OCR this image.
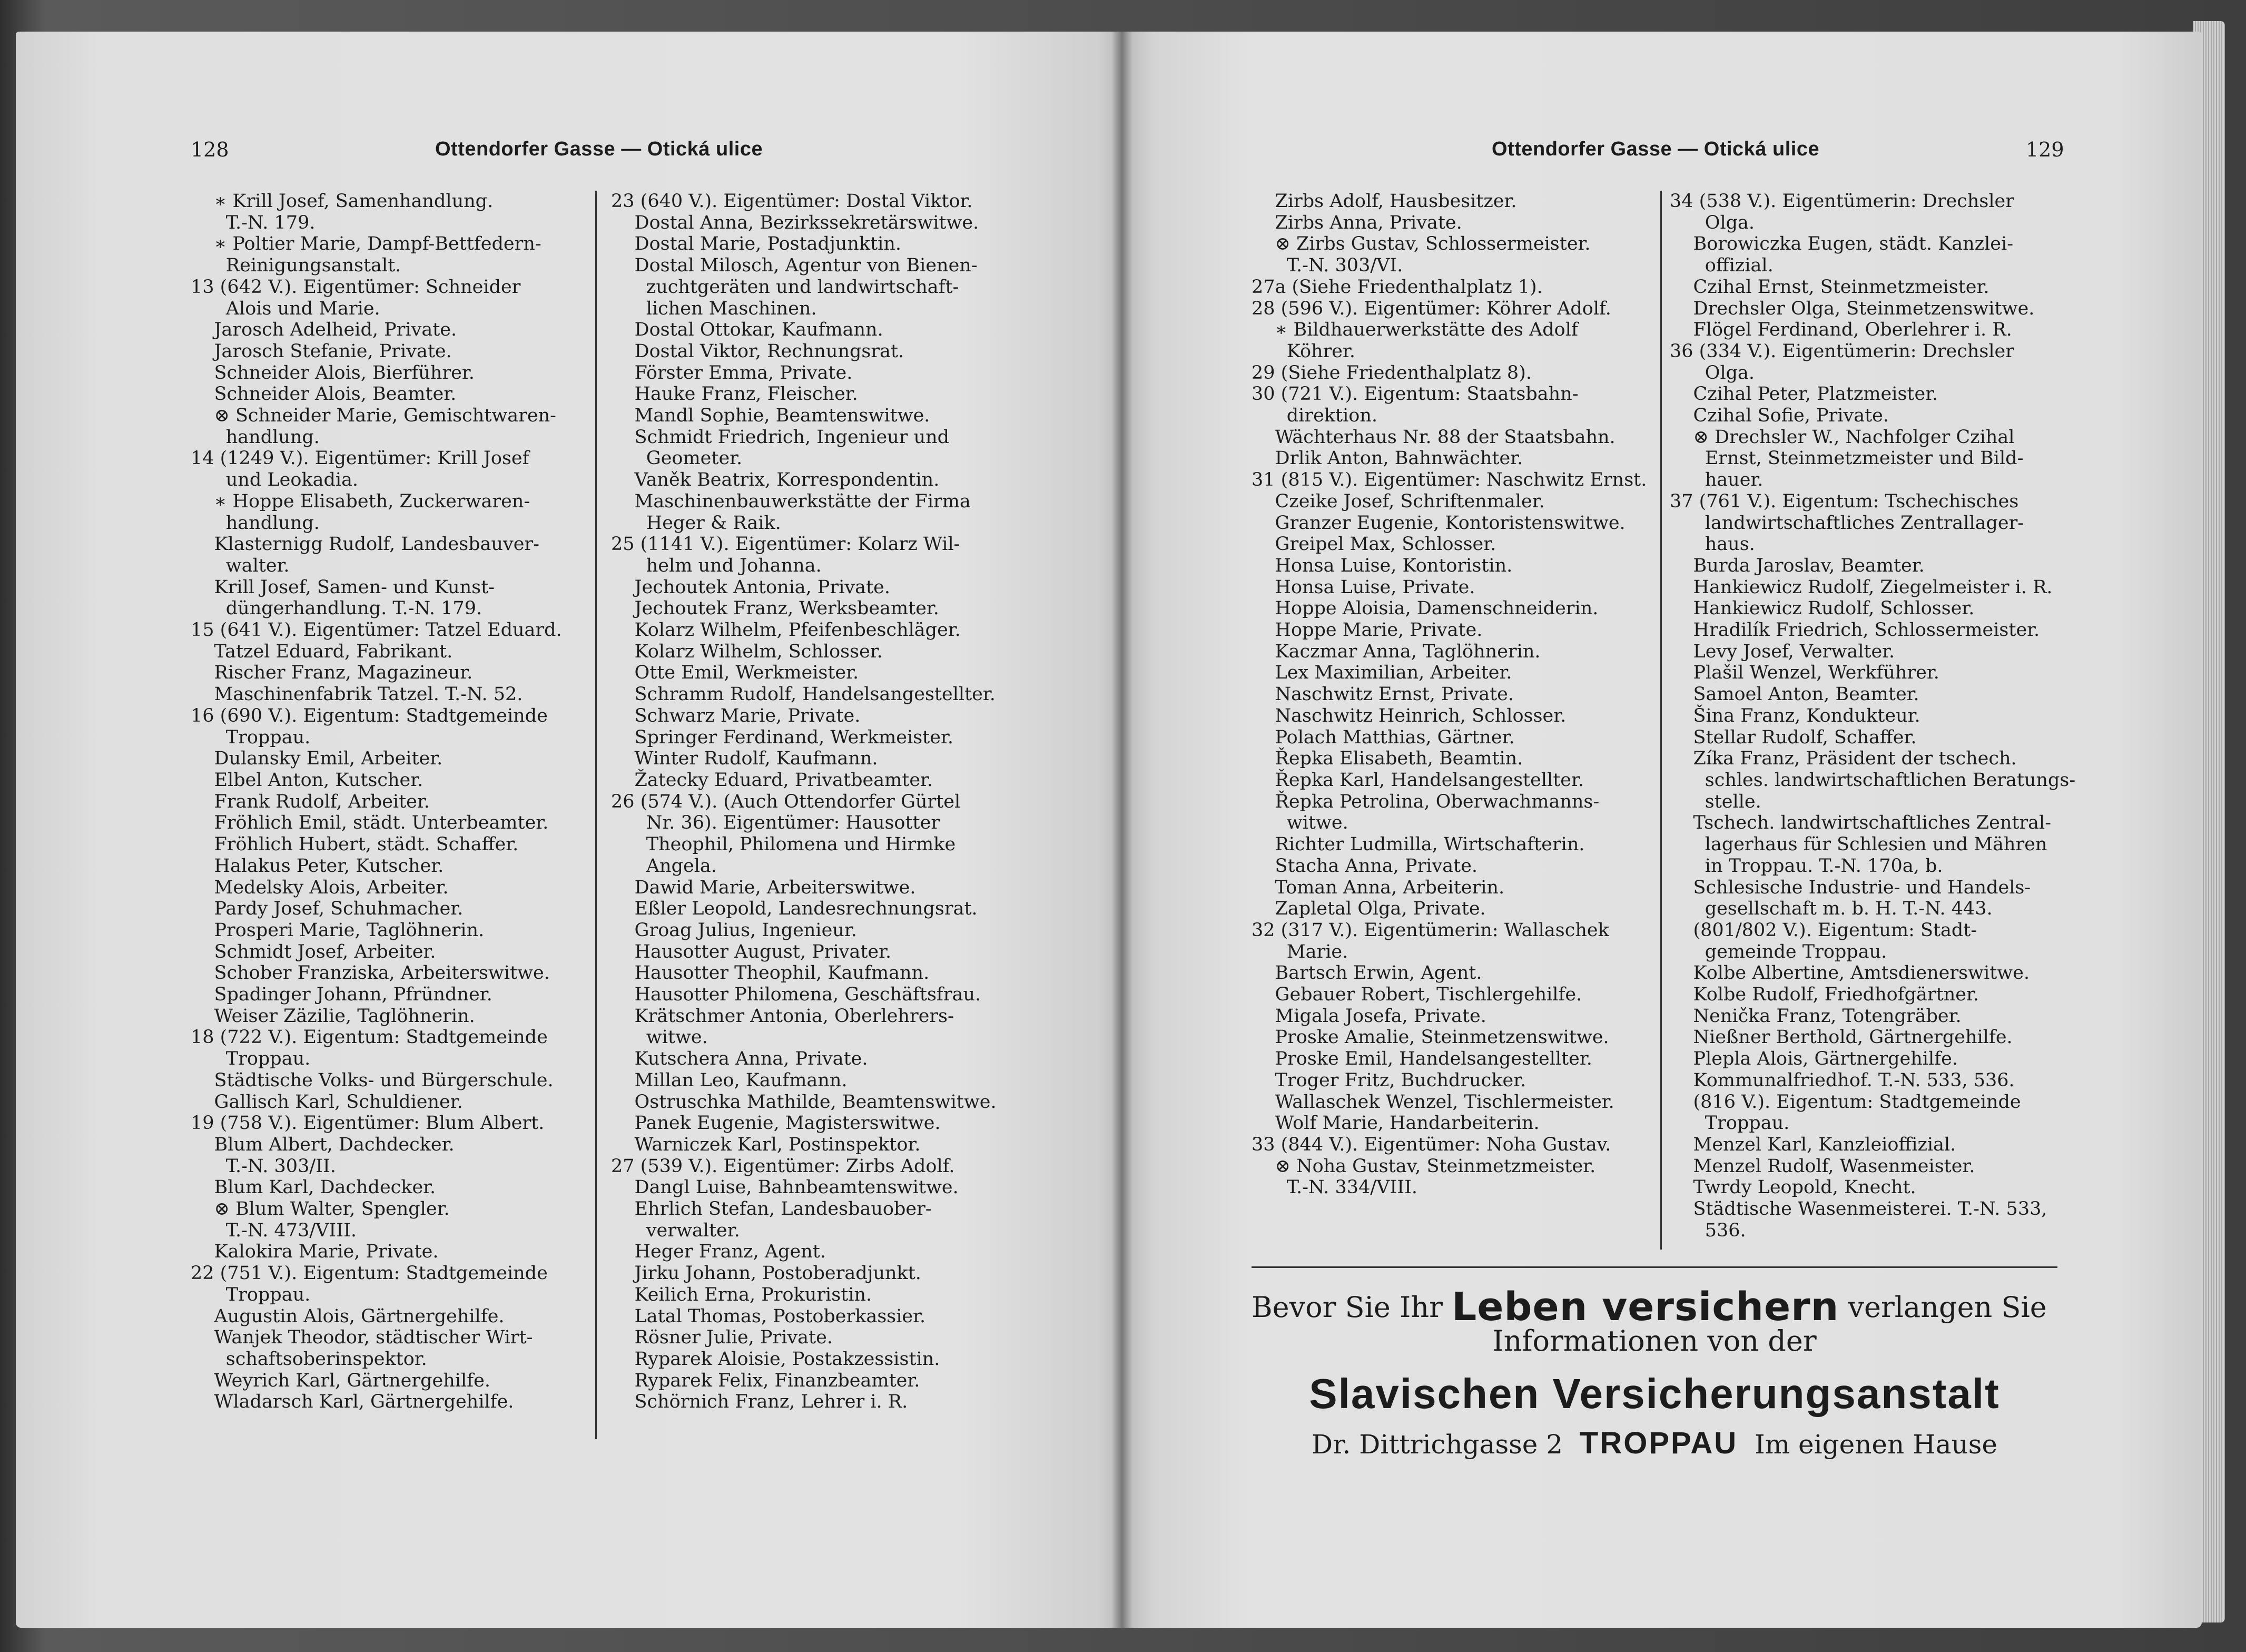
128	Ottendorfer Gasse — Otická ulice
∗ Krill Josef, Samenhandlung.
T.-N. 179.
∗ Poltier Marie, Dampf-Bettfedern-
Reinigungsanstalt.
13 (642 V.). Eigentümer: Schneider
Alois und Marie.
Jarosch Adelheid, Private.
Jarosch Stefanie, Private.
Schneider Alois, Bierführer.
Schneider Alois, Beamter.
⊗ Schneider Marie, Gemischtwaren-
handlung.
14 (1249 V.). Eigentümer: Krill Josef
und Leokadia.
∗ Hoppe Elisabeth, Zuckerwaren-
handlung.
Klasternigg Rudolf, Landesbauver-
walter.
Krill Josef, Samen- und Kunst-
düngerhandlung. T.-N. 179.
15 (641 V.). Eigentümer: Tatzel Eduard.
Tatzel Eduard, Fabrikant.
Rischer Franz, Magazineur.
Maschinenfabrik Tatzel. T.-N. 52.
16 (690 V.). Eigentum: Stadtgemeinde
Troppau.
Dulansky Emil, Arbeiter.
Elbel Anton, Kutscher.
Frank Rudolf, Arbeiter.
Fröhlich Emil, städt. Unterbeamter.
Fröhlich Hubert, städt. Schaffer.
Halakus Peter, Kutscher.
Medelsky Alois, Arbeiter.
Pardy Josef, Schuhmacher.
Prosperi Marie, Taglöhnerin.
Schmidt Josef, Arbeiter.
Schober Franziska, Arbeiterswitwe.
Spadinger Johann, Pfründner.
Weiser Zäzilie, Taglöhnerin.
18 (722 V.). Eigentum: Stadtgemeinde
Troppau.
Städtische Volks- und Bürgerschule.
Gallisch Karl, Schuldiener.
19 (758 V.). Eigentümer: Blum Albert.
Blum Albert, Dachdecker.
T.-N. 303/II.
Blum Karl, Dachdecker.
⊗ Blum Walter, Spengler.
T.-N. 473/VIII.
Kalokira Marie, Private.
22 (751 V.). Eigentum: Stadtgemeinde
Troppau.
Augustin Alois, Gärtnergehilfe.
Wanjek Theodor, städtischer Wirt-
schaftsoberinspektor.
Weyrich Karl, Gärtnergehilfe.
Wladarsch Karl, Gärtnergehilfe.
23 (640 V.). Eigentümer: Dostal Viktor.
Dostal Anna, Bezirkssekretärswitwe.
Dostal Marie, Postadjunktin.
Dostal Milosch, Agentur von Bienen-
zuchtgeräten und landwirtschaft-
lichen Maschinen.
Dostal Ottokar, Kaufmann.
Dostal Viktor, Rechnungsrat.
Förster Emma, Private.
Hauke Franz, Fleischer.
Mandl Sophie, Beamtenswitwe.
Schmidt Friedrich, Ingenieur und
Geometer.
Vaněk Beatrix, Korrespondentin.
Maschinenbauwerkstätte der Firma
Heger & Raik.
25 (1141 V.). Eigentümer: Kolarz Wil-
helm und Johanna.
Jechoutek Antonia, Private.
Jechoutek Franz, Werksbeamter.
Kolarz Wilhelm, Pfeifenbeschläger.
Kolarz Wilhelm, Schlosser.
Otte Emil, Werkmeister.
Schramm Rudolf, Handelsangestellter.
Schwarz Marie, Private.
Springer Ferdinand, Werkmeister.
Winter Rudolf, Kaufmann.
Žatecky Eduard, Privatbeamter.
26 (574 V.). (Auch Ottendorfer Gürtel
Nr. 36). Eigentümer: Hausotter
Theophil, Philomena und Hirmke
Angela.
Dawid Marie, Arbeiterswitwe.
Eßler Leopold, Landesrechnungsrat.
Groag Julius, Ingenieur.
Hausotter August, Privater.
Hausotter Theophil, Kaufmann.
Hausotter Philomena, Geschäftsfrau.
Krätschmer Antonia, Oberlehrers-
witwe.
Kutschera Anna, Private.
Millan Leo, Kaufmann.
Ostruschka Mathilde, Beamtenswitwe.
Panek Eugenie, Magisterswitwe.
Warniczek Karl, Postinspektor.
27 (539 V.). Eigentümer: Zirbs Adolf.
Dangl Luise, Bahnbeamtenswitwe.
Ehrlich Stefan, Landesbauober-
verwalter.
Heger Franz, Agent.
Jirku Johann, Postoberadjunkt.
Keilich Erna, Prokuristin.
Latal Thomas, Postoberkassier.
Rösner Julie, Private.
Ryparek Aloisie, Postakzessistin.
Ryparek Felix, Finanzbeamter.
Schörnich Franz, Lehrer i. R.
Ottendorfer Gasse — Otická ulice	129
Zirbs Adolf, Hausbesitzer.
Zirbs Anna, Private.
⊗ Zirbs Gustav, Schlossermeister.
T.-N. 303/VI.
27a (Siehe Friedenthalplatz 1).
28 (596 V.). Eigentümer: Köhrer Adolf.
∗ Bildhauerwerkstätte des Adolf
Köhrer.
29 (Siehe Friedenthalplatz 8).
30 (721 V.). Eigentum: Staatsbahn-
direktion.
Wächterhaus Nr. 88 der Staatsbahn.
Drlik Anton, Bahnwächter.
31 (815 V.). Eigentümer: Naschwitz Ernst.
Czeike Josef, Schriftenmaler.
Granzer Eugenie, Kontoristenswitwe.
Greipel Max, Schlosser.
Honsa Luise, Kontoristin.
Honsa Luise, Private.
Hoppe Aloisia, Damenschneiderin.
Hoppe Marie, Private.
Kaczmar Anna, Taglöhnerin.
Lex Maximilian, Arbeiter.
Naschwitz Ernst, Private.
Naschwitz Heinrich, Schlosser.
Polach Matthias, Gärtner.
Řepka Elisabeth, Beamtin.
Řepka Karl, Handelsangestellter.
Řepka Petrolina, Oberwachmanns-
witwe.
Richter Ludmilla, Wirtschafterin.
Stacha Anna, Private.
Toman Anna, Arbeiterin.
Zapletal Olga, Private.
32 (317 V.). Eigentümerin: Wallaschek
Marie.
Bartsch Erwin, Agent.
Gebauer Robert, Tischlergehilfe.
Migala Josefa, Private.
Proske Amalie, Steinmetzenswitwe.
Proske Emil, Handelsangestellter.
Troger Fritz, Buchdrucker.
Wallaschek Wenzel, Tischlermeister.
Wolf Marie, Handarbeiterin.
33 (844 V.). Eigentümer: Noha Gustav.
⊗ Noha Gustav, Steinmetzmeister.
T.-N. 334/VIII.
34 (538 V.). Eigentümerin: Drechsler
Olga.
Borowiczka Eugen, städt. Kanzlei-
offizial.
Czihal Ernst, Steinmetzmeister.
Drechsler Olga, Steinmetzenswitwe.
Flögel Ferdinand, Oberlehrer i. R.
36 (334 V.). Eigentümerin: Drechsler
Olga.
Czihal Peter, Platzmeister.
Czihal Sofie, Private.
⊗ Drechsler W., Nachfolger Czihal
Ernst, Steinmetzmeister und Bild-
hauer.
37 (761 V.). Eigentum: Tschechisches
landwirtschaftliches Zentrallager-
haus.
Burda Jaroslav, Beamter.
Hankiewicz Rudolf, Ziegelmeister i. R.
Hankiewicz Rudolf, Schlosser.
Hradilík Friedrich, Schlossermeister.
Levy Josef, Verwalter.
Plašil Wenzel, Werkführer.
Samoel Anton, Beamter.
Šina Franz, Kondukteur.
Stellar Rudolf, Schaffer.
Zíka Franz, Präsident der tschech.
schles. landwirtschaftlichen Beratungs-
stelle.
Tschech. landwirtschaftliches Zentral-
lagerhaus für Schlesien und Mähren
in Troppau. T.-N. 170a, b.
Schlesische Industrie- und Handels-
gesellschaft m. b. H. T.-N. 443.
(801/802 V.). Eigentum: Stadt-
gemeinde Troppau.
Kolbe Albertine, Amtsdienerswitwe.
Kolbe Rudolf, Friedhofgärtner.
Nenička Franz, Totengräber.
Nießner Berthold, Gärtnergehilfe.
Plepla Alois, Gärtnergehilfe.
Kommunalfriedhof. T.-N. 533, 536.
(816 V.). Eigentum: Stadtgemeinde
Troppau.
Menzel Karl, Kanzleioffizial.
Menzel Rudolf, Wasenmeister.
Twrdy Leopold, Knecht.
Städtische Wasenmeisterei. T.-N. 533,
536.
Bevor Sie Ihr Leben versichern verlangen Sie
Informationen von der
Slavischen Versicherungsanstalt
Dr. Dittrichgasse 2 TROPPAU Im eigenen Hause
